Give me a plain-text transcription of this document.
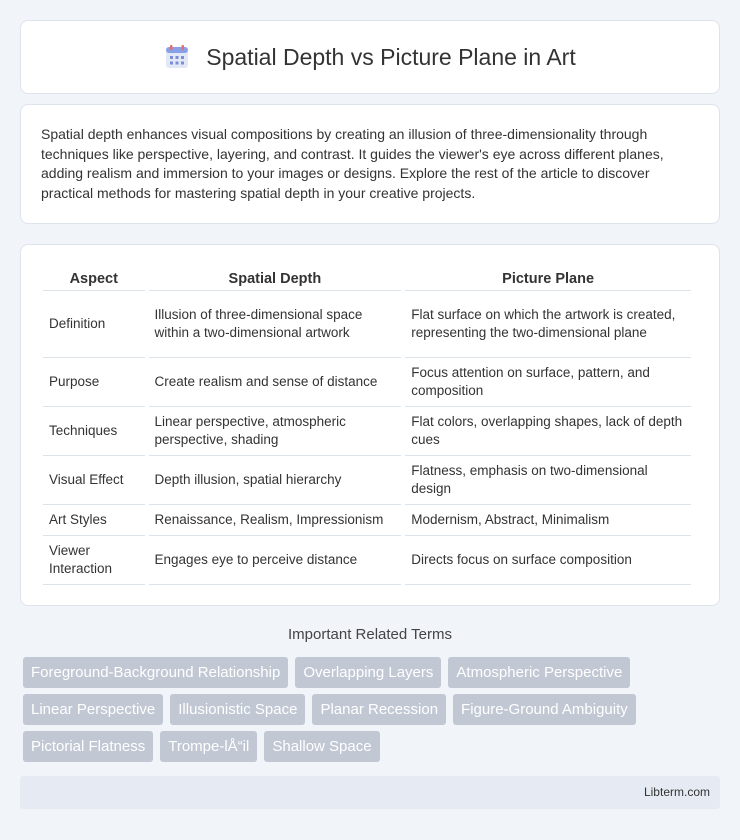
Spatial Depth vs Picture Plane in Art

Spatial depth enhances visual compositions by creating an illusion of three-dimensionality through techniques like perspective, layering, and contrast. It guides the viewer's eye across different planes, adding realism and immersion to your images or designs. Explore the rest of the article to discover practical methods for mastering spatial depth in your creative projects.

Aspect	Spatial Depth	Picture Plane
Definition	Illusion of three-dimensional space within a two-dimensional artwork	Flat surface on which the artwork is created, representing the two-dimensional plane
Purpose	Create realism and sense of distance	Focus attention on surface, pattern, and composition
Techniques	Linear perspective, atmospheric perspective, shading	Flat colors, overlapping shapes, lack of depth cues
Visual Effect	Depth illusion, spatial hierarchy	Flatness, emphasis on two-dimensional design
Art Styles	Renaissance, Realism, Impressionism	Modernism, Abstract, Minimalism
Viewer Interaction	Engages eye to perceive distance	Directs focus on surface composition
Important Related Terms
Foreground-Background Relationship	Overlapping Layers	Atmospheric Perspective
Linear Perspective	Illusionistic Space	Planar Recession	Figure-Ground Ambiguity
Pictorial Flatness	Trompe-lÅ“il	Shallow Space
Libterm.com
